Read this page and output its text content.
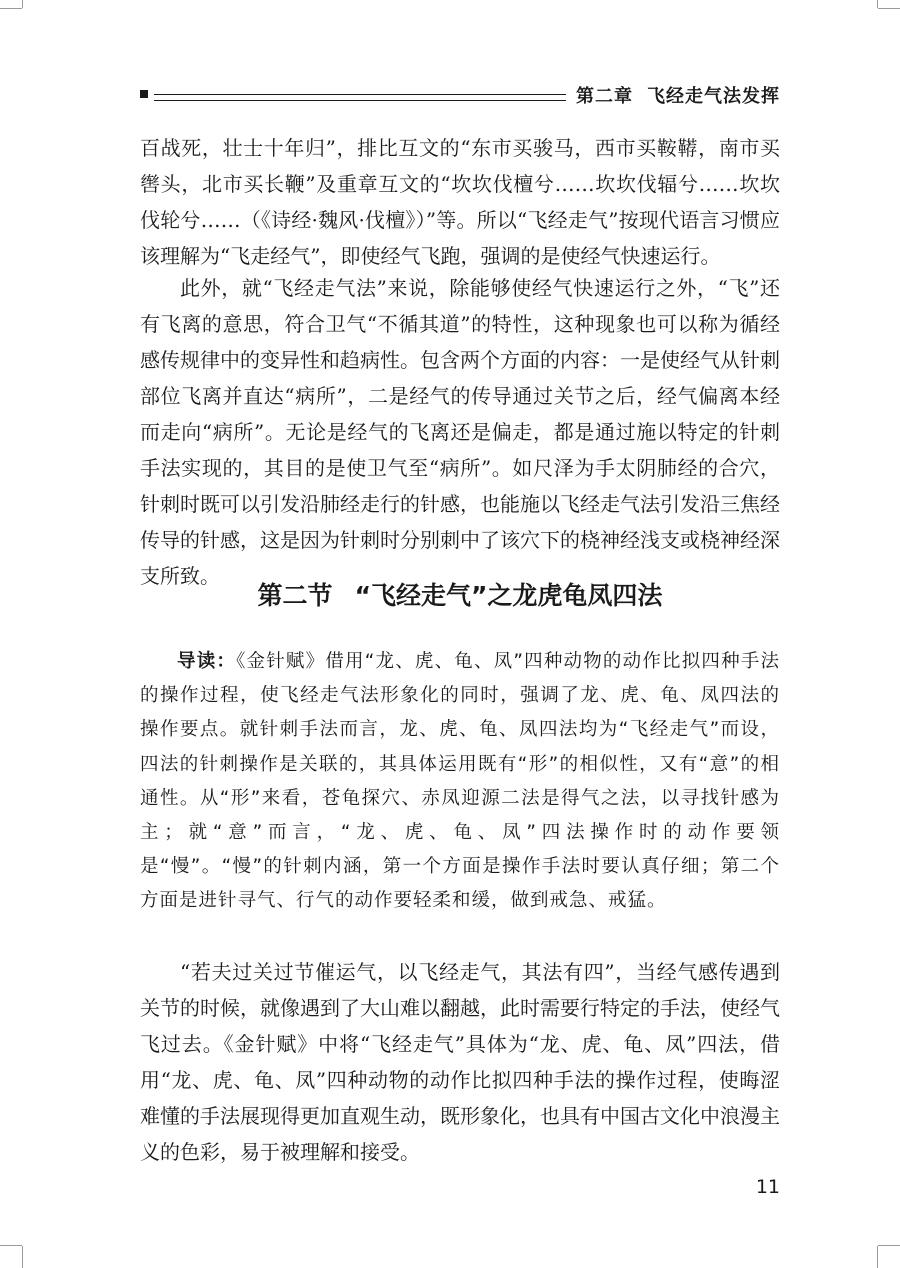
第二章 飞经走气法发挥

百战死，壮士十年归”，排比互文的“东市买骏马，西市买鞍鞯，南市买辔头，北市买长鞭”及重章互文的“坎坎伐檀兮……坎坎伐辐兮……坎坎伐轮兮……（《诗经·魏风·伐檀》）”等。所以“飞经走气”按现代语言习惯应该理解为“飞走经气”，即使经气飞跑，强调的是使经气快速运行。

此外，就“飞经走气法”来说，除能够使经气快速运行之外，“飞”还有飞离的意思，符合卫气“不循其道”的特性，这种现象也可以称为循经感传规律中的变异性和趋病性。包含两个方面的内容：一是使经气从针刺部位飞离并直达“病所”，二是经气的传导通过关节之后，经气偏离本经而走向“病所”。无论是经气的飞离还是偏走，都是通过施以特定的针刺手法实现的，其目的是使卫气至“病所”。如尺泽为手太阴肺经的合穴，针刺时既可以引发沿肺经走行的针感，也能施以飞经走气法引发沿三焦经传导的针感，这是因为针刺时分别刺中了该穴下的桡神经浅支或桡神经深支所致。

第二节 “飞经走气”之龙虎龟凤四法

导读：《金针赋》借用“龙、虎、龟、凤”四种动物的动作比拟四种手法的操作过程，使飞经走气法形象化的同时，强调了龙、虎、龟、凤四法的操作要点。就针刺手法而言，龙、虎、龟、凤四法均为“飞经走气”而设，四法的针刺操作是关联的，其具体运用既有“形”的相似性，又有“意”的相通性。从“形”来看，苍龟探穴、赤凤迎源二法是得气之法，以寻找针感为主；就“意”而言，“龙、虎、龟、凤”四法操作时的动作要领是“慢”。“慢”的针刺内涵，第一个方面是操作手法时要认真仔细；第二个方面是进针寻气、行气的动作要轻柔和缓，做到戒急、戒猛。

“若夫过关过节催运气，以飞经走气，其法有四”，当经气感传遇到关节的时候，就像遇到了大山难以翻越，此时需要行特定的手法，使经气飞过去。《金针赋》中将“飞经走气”具体为“龙、虎、龟、凤”四法，借用“龙、虎、龟、凤”四种动物的动作比拟四种手法的操作过程，使晦涩难懂的手法展现得更加直观生动，既形象化，也具有中国古文化中浪漫主义的色彩，易于被理解和接受。

11
